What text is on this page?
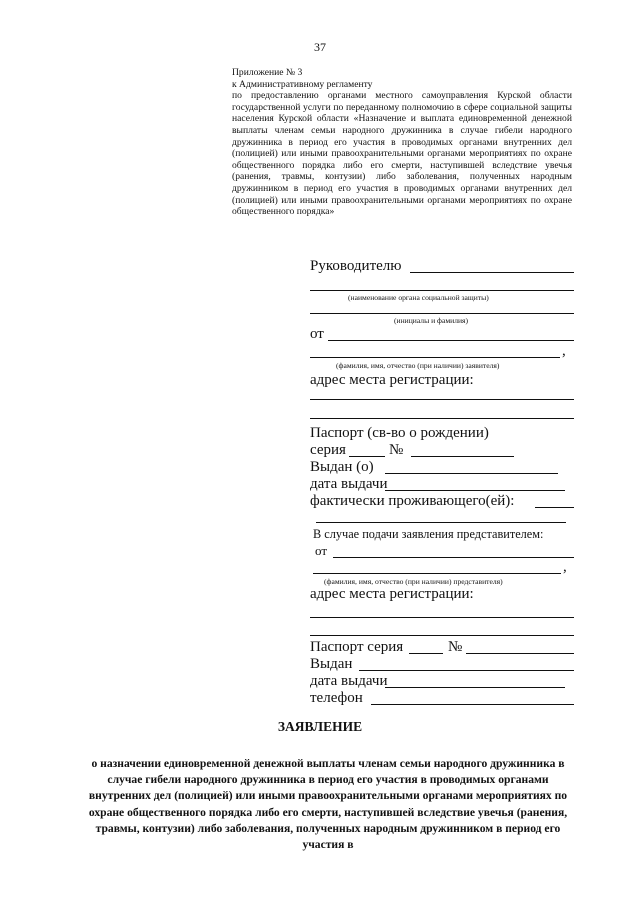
37
Приложение № 3
к Административному регламенту
по предоставлению органами местного самоуправления Курской области государственной услуги по переданному полномочию в сфере социальной защиты населения Курской области «Назначение и выплата единовременной денежной выплаты членам семьи народного дружинника в случае гибели народного дружинника в период его участия в проводимых органами внутренних дел (полицией) или иными правоохранительными органами мероприятиях по охране общественного порядка либо его смерти, наступившей вследствие увечья (ранения, травмы, контузии) либо заболевания, полученных народным дружинником в период его участия в проводимых органами внутренних дел (полицией) или иными правоохранительными органами мероприятиях по охране общественного порядка»
Руководителю
(наименование органа социальной защиты)
(инициалы и фамилия)
от
,
(фамилия, имя, отчество (при наличии) заявителя)
адрес места регистрации:
Паспорт (св-во о рождении)
серия	№
Выдан (о)
дата выдачи
фактически проживающего(ей):
В случае подачи заявления представителем:
от
,
(фамилия, имя, отчество (при наличии) представителя)
адрес места регистрации:
Паспорт серия	№
Выдан
дата выдачи
телефон
ЗАЯВЛЕНИЕ
о назначении единовременной денежной выплаты членам семьи народного дружинника в случае гибели народного дружинника в период его участия в проводимых органами внутренних дел (полицией) или иными правоохранительными органами мероприятиях по охране общественного порядка либо его смерти, наступившей вследствие увечья (ранения, травмы, контузии) либо заболевания, полученных народным дружинником в период его участия в
